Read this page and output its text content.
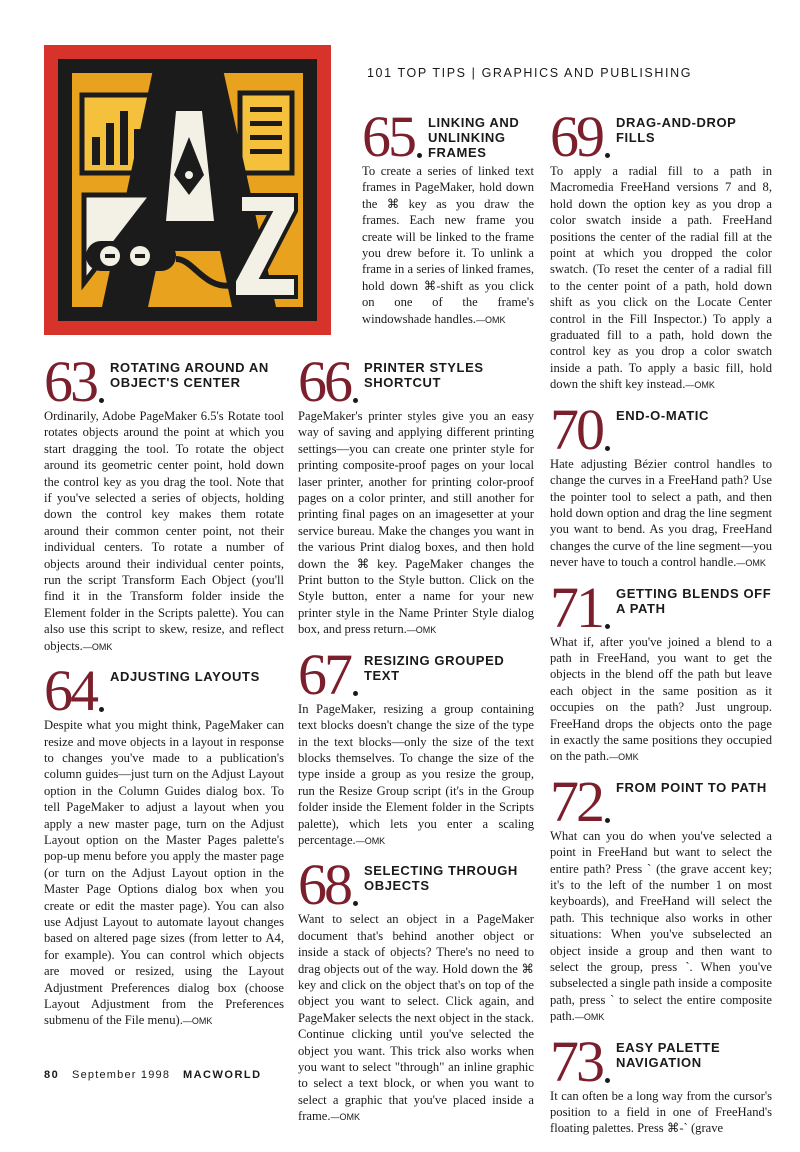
101 TOP TIPS | GRAPHICS AND PUBLISHING
63	ROTATING AROUND AN OBJECT'S CENTER
Ordinarily, Adobe PageMaker 6.5's Rotate tool rotates objects around the point at which you start dragging the tool. To rotate the object around its geometric center point, hold down the control key as you drag the tool. Note that if you've selected a series of objects, holding down the control key makes them rotate around their common center point, not their individual centers. To rotate a number of objects around their individual center points, run the script Transform Each Object (you'll find it in the Transform folder inside the Element folder in the Scripts palette). You can also use this script to skew, resize, and reflect objects.—OMK
64	ADJUSTING LAYOUTS
Despite what you might think, PageMaker can resize and move objects in a layout in response to changes you've made to a publication's column guides—just turn on the Adjust Layout option in the Column Guides dialog box. To tell PageMaker to adjust a layout when you apply a new master page, turn on the Adjust Layout option on the Master Pages palette's pop-up menu before you apply the master page (or turn on the Adjust Layout option in the Master Page Options dialog box when you create or edit the master page). You can also use Adjust Layout to automate layout changes based on altered page sizes (from letter to A4, for example). You can control which objects are moved or resized, using the Layout Adjustment Preferences dialog box (choose Layout Adjustment from the Preferences submenu of the File menu).—OMK
65	LINKING AND UNLINKING FRAMES
To create a series of linked text frames in PageMaker, hold down the ⌘ key as you draw the frames. Each new frame you create will be linked to the frame you drew before it. To unlink a frame in a series of linked frames, hold down ⌘-shift as you click on one of the frame's windowshade handles.—OMK
66	PRINTER STYLES SHORTCUT
PageMaker's printer styles give you an easy way of saving and applying different printing settings—you can create one printer style for printing composite-proof pages on your local laser printer, another for printing color-proof pages on a color printer, and still another for printing final pages on an imagesetter at your service bureau. Make the changes you want in the various Print dialog boxes, and then hold down the ⌘ key. PageMaker changes the Print button to the Style button. Click on the Style button, enter a name for your new printer style in the Name Printer Style dialog box, and press return.—OMK
67	RESIZING GROUPED TEXT
In PageMaker, resizing a group containing text blocks doesn't change the size of the type in the text blocks—only the size of the text blocks themselves. To change the size of the type inside a group as you resize the group, run the Resize Group script (it's in the Group folder inside the Element folder in the Scripts palette), which lets you enter a scaling percentage.—OMK
68	SELECTING THROUGH OBJECTS
Want to select an object in a PageMaker document that's behind another object or inside a stack of objects? There's no need to drag objects out of the way. Hold down the ⌘ key and click on the object that's on top of the object you want to select. Click again, and PageMaker selects the next object in the stack. Continue clicking until you've selected the object you want. This trick also works when you want to select "through" an inline graphic to select a text block, or when you want to select a graphic that you've placed inside a frame.—OMK
69	DRAG-AND-DROP FILLS
To apply a radial fill to a path in Macromedia FreeHand versions 7 and 8, hold down the option key as you drop a color swatch inside a path. FreeHand positions the center of the radial fill at the point at which you dropped the color swatch. (To reset the center of a radial fill to the center point of a path, hold down shift as you click on the Locate Center control in the Fill Inspector.) To apply a graduated fill to a path, hold down the control key as you drop a color swatch inside a path. To apply a basic fill, hold down the shift key instead.—OMK
70	END-O-MATIC
Hate adjusting Bézier control handles to change the curves in a FreeHand path? Use the pointer tool to select a path, and then hold down option and drag the line segment you want to bend. As you drag, FreeHand changes the curve of the line segment—you never have to touch a control handle.—OMK
71	GETTING BLENDS OFF A PATH
What if, after you've joined a blend to a path in FreeHand, you want to get the objects in the blend off the path but leave each object in the same position as it occupies on the path? Just ungroup. FreeHand drops the objects onto the page in exactly the same positions they occupied on the path.—OMK
72	FROM POINT TO PATH
What can you do when you've selected a point in FreeHand but want to select the entire path? Press ` (the grave accent key; it's to the left of the number 1 on most keyboards), and FreeHand will select the path. This technique also works in other situations: When you've subselected an object inside a group and then want to select the group, press `. When you've subselected a single path inside a composite path, press ` to select the entire composite path.—OMK
73	EASY PALETTE NAVIGATION
It can often be a long way from the cursor's position to a field in one of FreeHand's floating palettes. Press ⌘-` (grave
80 September 1998 MACWORLD
